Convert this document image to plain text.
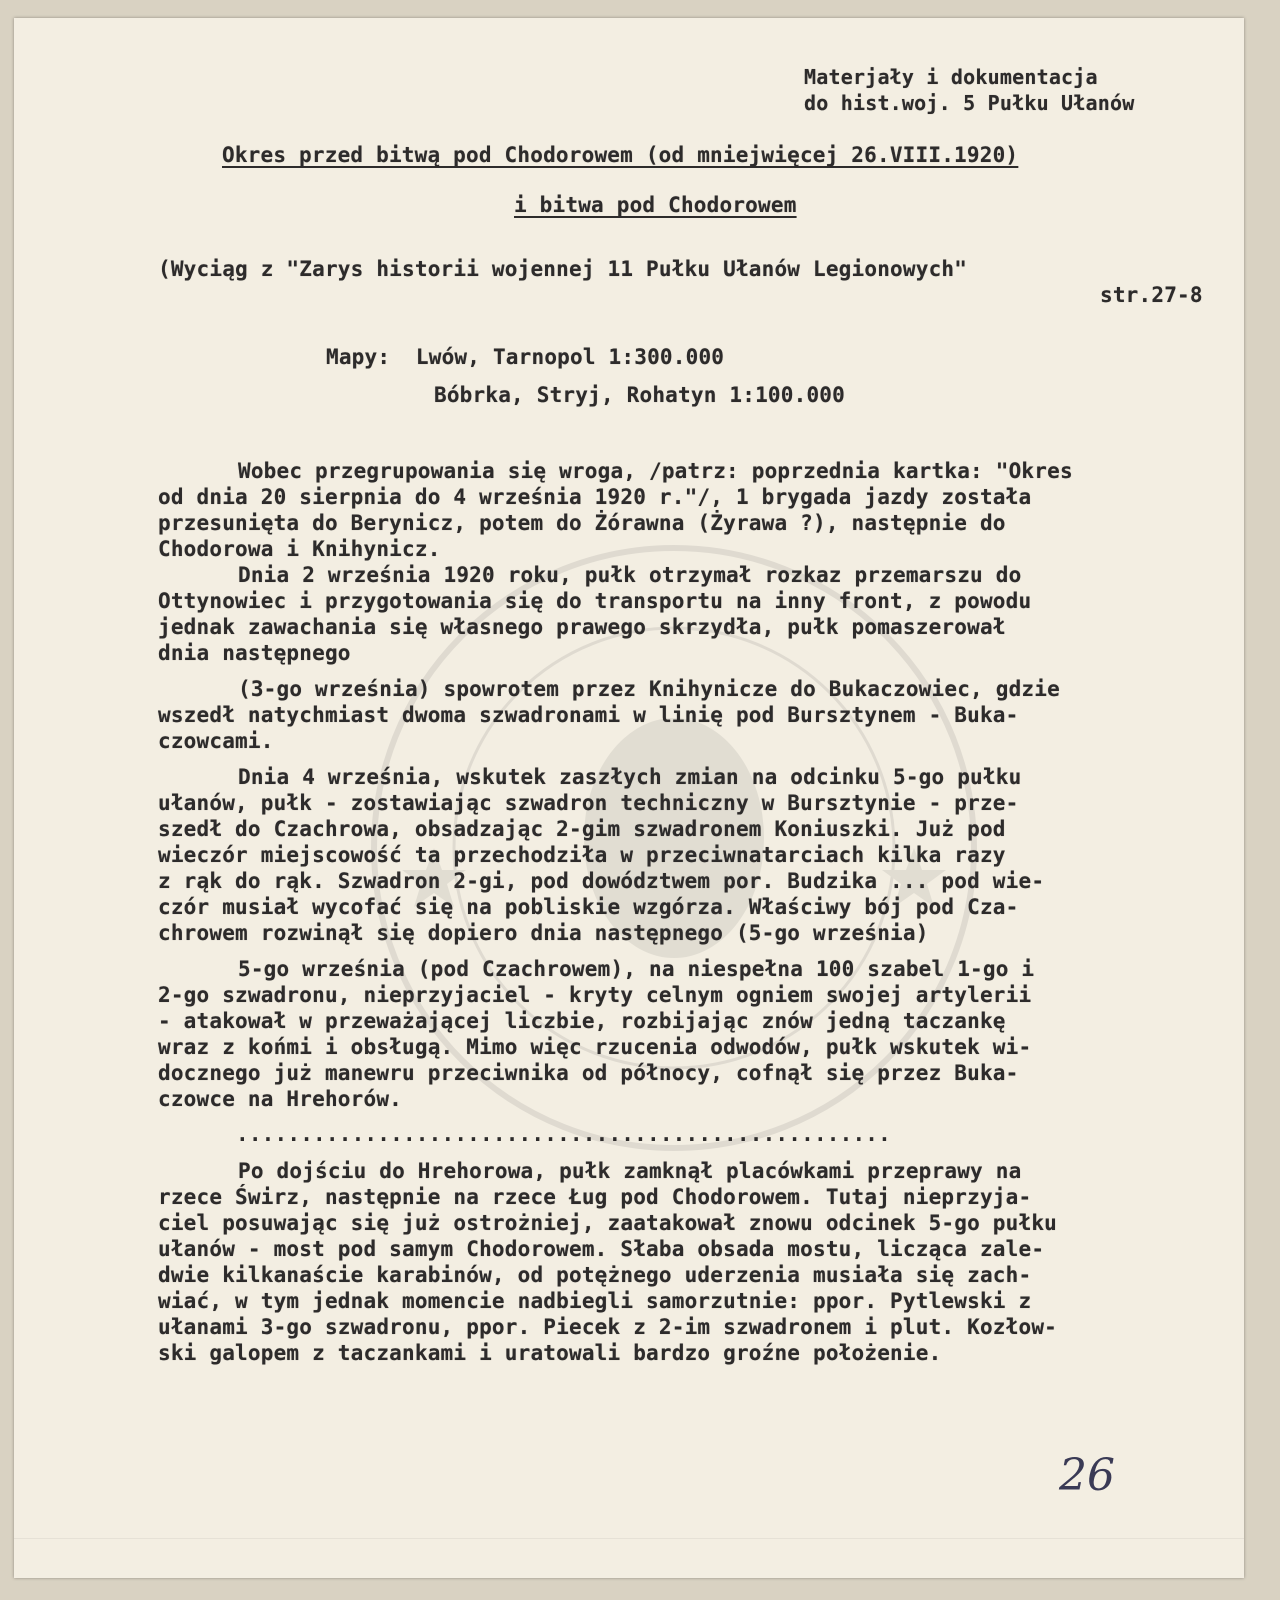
Materjały i dokumentacja
do hist.woj. 5 Pułku Ułanów
Okres przed bitwą pod Chodorowem (od mniejwięcej 26.VIII.1920)
i bitwa pod Chodorowem
(Wyciąg z "Zarys historii wojennej 11 Pułku Ułanów Legionowych"
str.27-8
Mapy:  Lwów, Tarnopol 1:300.000
Bóbrka, Stryj, Rohatyn 1:100.000
Wobec przegrupowania się wroga, /patrz: poprzednia kartka: "Okres
od dnia 20 sierpnia do 4 września 1920 r."/, 1 brygada jazdy została
przesunięta do Berynicz, potem do Żórawna (Żyrawa ?), następnie do
Chodorowa i Knihynicz.
Dnia 2 września 1920 roku, pułk otrzymał rozkaz przemarszu do
Ottynowiec i przygotowania się do transportu na inny front, z powodu
jednak zawachania się własnego prawego skrzydła, pułk pomaszerował
dnia następnego
(3-go września) spowrotem przez Knihynicze do Bukaczowiec, gdzie
wszedł natychmiast dwoma szwadronami w linię pod Bursztynem - Buka-
czowcami.
Dnia 4 września, wskutek zaszłych zmian na odcinku 5-go pułku
ułanów, pułk - zostawiając szwadron techniczny w Bursztynie - prze-
szedł do Czachrowa, obsadzając 2-gim szwadronem Koniuszki. Już pod
wieczór miejscowość ta przechodziła w przeciwnatarciach kilka razy
z rąk do rąk. Szwadron 2-gi, pod dowództwem por. Budzika ... pod wie-
czór musiał wycofać się na pobliskie wzgórza. Właściwy bój pod Cza-
chrowem rozwinął się dopiero dnia następnego (5-go września)
5-go września (pod Czachrowem), na niespełna 100 szabel 1-go i
2-go szwadronu, nieprzyjaciel - kryty celnym ogniem swojej artylerii
- atakował w przeważającej liczbie, rozbijając znów jedną taczankę
wraz z końmi i obsługą. Mimo więc rzucenia odwodów, pułk wskutek wi-
docznego już manewru przeciwnika od północy, cofnął się przez Buka-
czowce na Hrehorów.
...................................................
Po dojściu do Hrehorowa, pułk zamknął placówkami przeprawy na
rzece Świrz, następnie na rzece Ług pod Chodorowem. Tutaj nieprzyja-
ciel posuwając się już ostrożniej, zaatakował znowu odcinek 5-go pułku
ułanów - most pod samym Chodorowem. Słaba obsada mostu, licząca zale-
dwie kilkanaście karabinów, od potężnego uderzenia musiała się zach-
wiać, w tym jednak momencie nadbiegli samorzutnie: ppor. Pytlewski z
ułanami 3-go szwadronu, ppor. Piecek z 2-im szwadronem i plut. Kozłow-
ski galopem z taczankami i uratowali bardzo groźne położenie.
26
